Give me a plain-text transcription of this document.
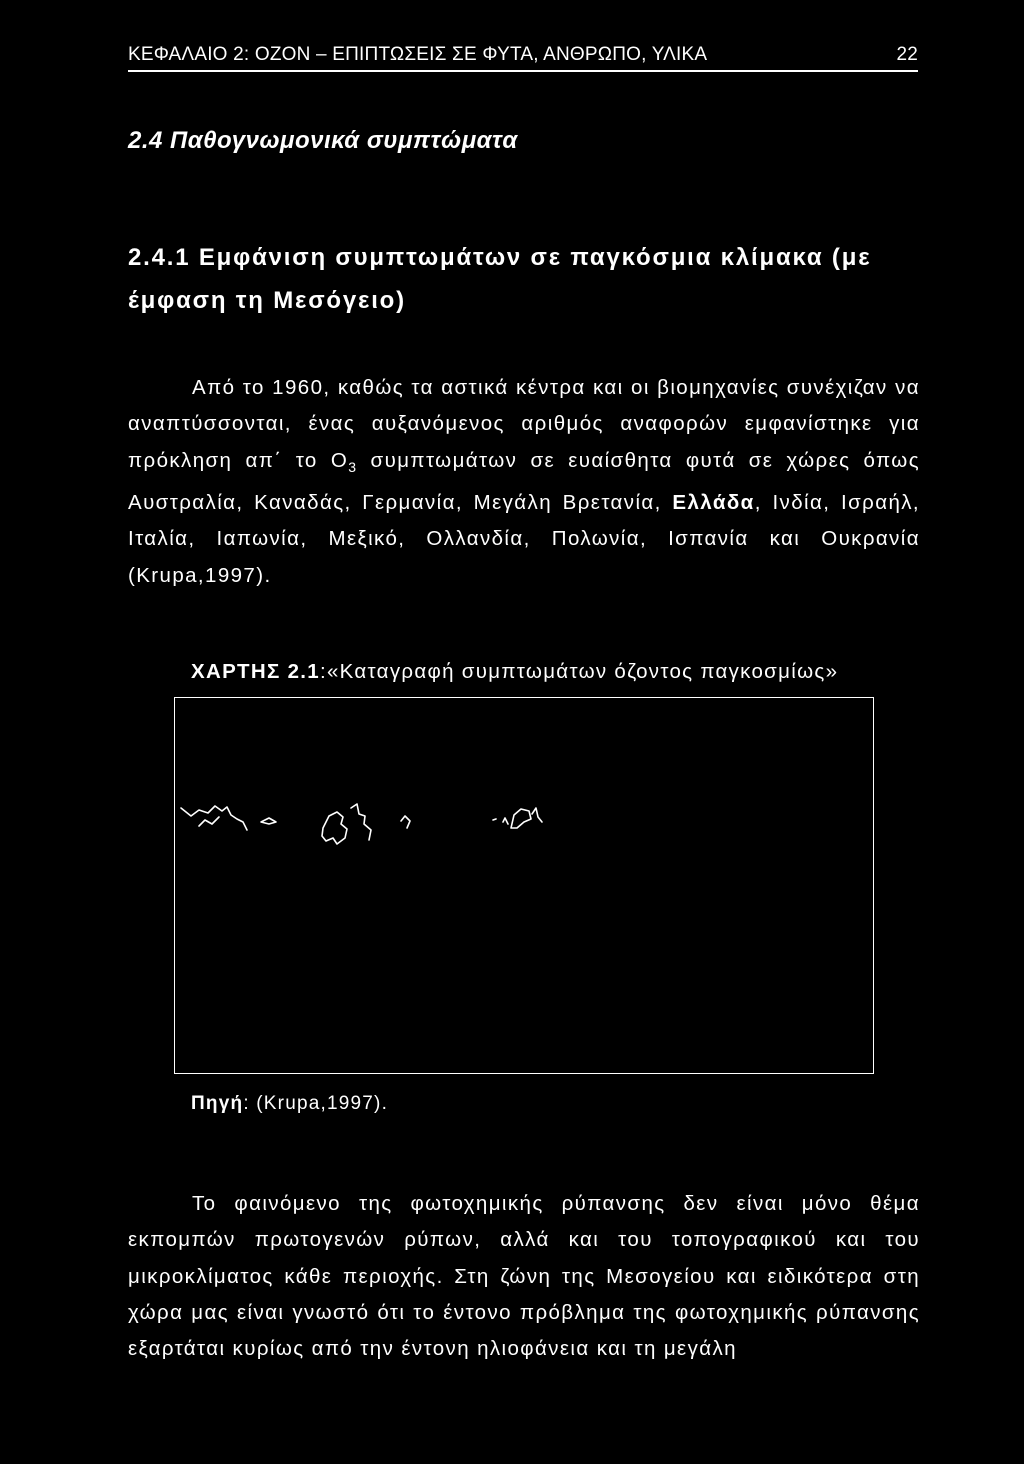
ΚΕΦΑΛΑΙΟ 2: ΟΖΟΝ – ΕΠΙΠΤΩΣΕΙΣ ΣΕ ΦΥΤΑ, ΑΝΘΡΩΠΟ, ΥΛΙΚΑ	22
2.4 Παθογνωμονικά συμπτώματα
2.4.1 Εμφάνιση συμπτωμάτων σε παγκόσμια κλίμακα (με έμφαση τη Μεσόγειο)

Από το 1960, καθώς τα αστικά κέντρα και οι βιομηχανίες συνέχιζαν να αναπτύσσονται, ένας αυξανόμενος αριθμός αναφορών εμφανίστηκε για πρόκληση απ΄ το $O_3$ συμπτωμάτων σε ευαίσθητα φυτά σε χώρες όπως Αυστραλία, Καναδάς, Γερμανία, Μεγάλη Βρετανία, Ελλάδα, Ινδία, Ισραήλ, Ιταλία, Ιαπωνία, Μεξικό, Ολλανδία, Πολωνία, Ισπανία και Ουκρανία (Krupa,1997).

ΧΑΡΤΗΣ 2.1:«Καταγραφή συμπτωμάτων όζοντος παγκοσμίως»
Πηγή: (Krupa,1997).

Το φαινόμενο της φωτοχημικής ρύπανσης δεν είναι μόνο θέμα εκπομπών πρωτογενών ρύπων, αλλά και του τοπογραφικού και του μικροκλίματος κάθε περιοχής. Στη ζώνη της Μεσογείου και ειδικότερα στη χώρα μας είναι γνωστό ότι το έντονο πρόβλημα της φωτοχημικής ρύπανσης εξαρτάται κυρίως από την έντονη ηλιοφάνεια και τη μεγάλη
